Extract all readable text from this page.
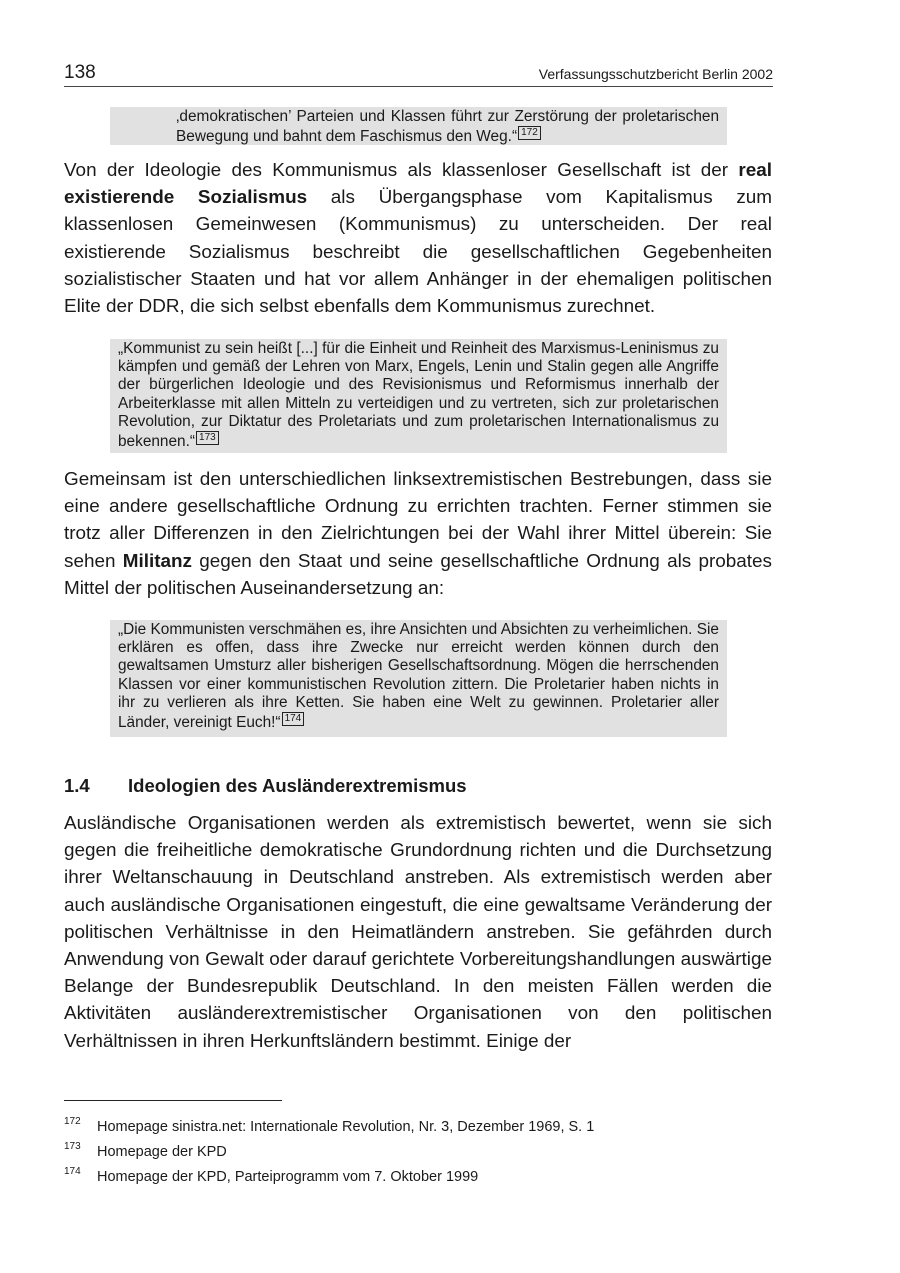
138	Verfassungsschutzbericht Berlin 2002
‚demokratischen’ Parteien und Klassen führt zur Zerstörung der proletarischen Bewegung und bahnt dem Faschismus den Weg.“ 172

Von der Ideologie des Kommunismus als klassenloser Gesellschaft ist der real existierende Sozialismus als Übergangsphase vom Kapitalismus zum klassenlosen Gemeinwesen (Kommunismus) zu unterscheiden. Der real existierende Sozialismus beschreibt die gesellschaftlichen Gegebenheiten sozialistischer Staaten und hat vor allem Anhänger in der ehemaligen politischen Elite der DDR, die sich selbst ebenfalls dem Kommunismus zurechnet.

„Kommunist zu sein heißt [...] für die Einheit und Reinheit des Marxismus-Leninismus zu kämpfen und gemäß der Lehren von Marx, Engels, Lenin und Stalin gegen alle Angriffe der bürgerlichen Ideologie und des Revisionismus und Reformismus innerhalb der Arbeiterklasse mit allen Mitteln zu verteidigen und zu vertreten, sich zur proletarischen Revolution, zur Diktatur des Proletariats und zum proletarischen Internationalismus zu bekennen.“ 173

Gemeinsam ist den unterschiedlichen linksextremistischen Bestrebungen, dass sie eine andere gesellschaftliche Ordnung zu errichten trachten. Ferner stimmen sie trotz aller Differenzen in den Zielrichtungen bei der Wahl ihrer Mittel überein: Sie sehen Militanz gegen den Staat und seine gesellschaftliche Ordnung als probates Mittel der politischen Auseinandersetzung an:

„Die Kommunisten verschmähen es, ihre Ansichten und Absichten zu verheimlichen. Sie erklären es offen, dass ihre Zwecke nur erreicht werden können durch den gewaltsamen Umsturz aller bisherigen Gesellschaftsordnung. Mögen die herrschenden Klassen vor einer kommunistischen Revolution zittern. Die Proletarier haben nichts in ihr zu verlieren als ihre Ketten. Sie haben eine Welt zu gewinnen. Proletarier aller Länder, vereinigt Euch!“ 174
1.4 Ideologien des Ausländerextremismus

Ausländische Organisationen werden als extremistisch bewertet, wenn sie sich gegen die freiheitliche demokratische Grundordnung richten und die Durchsetzung ihrer Weltanschauung in Deutschland anstreben. Als extremistisch werden aber auch ausländische Organisationen eingestuft, die eine gewaltsame Veränderung der politischen Verhältnisse in den Heimatländern anstreben. Sie gefährden durch Anwendung von Gewalt oder darauf gerichtete Vorbereitungshandlungen auswärtige Belange der Bundesrepublik Deutschland. In den meisten Fällen werden die Aktivitäten ausländerextremistischer Organisationen von den politischen Verhältnissen in ihren Herkunftsländern bestimmt. Einige der

172 Homepage sinistra.net: Internationale Revolution, Nr. 3, Dezember 1969, S. 1
173 Homepage der KPD
174 Homepage der KPD, Parteiprogramm vom 7. Oktober 1999
